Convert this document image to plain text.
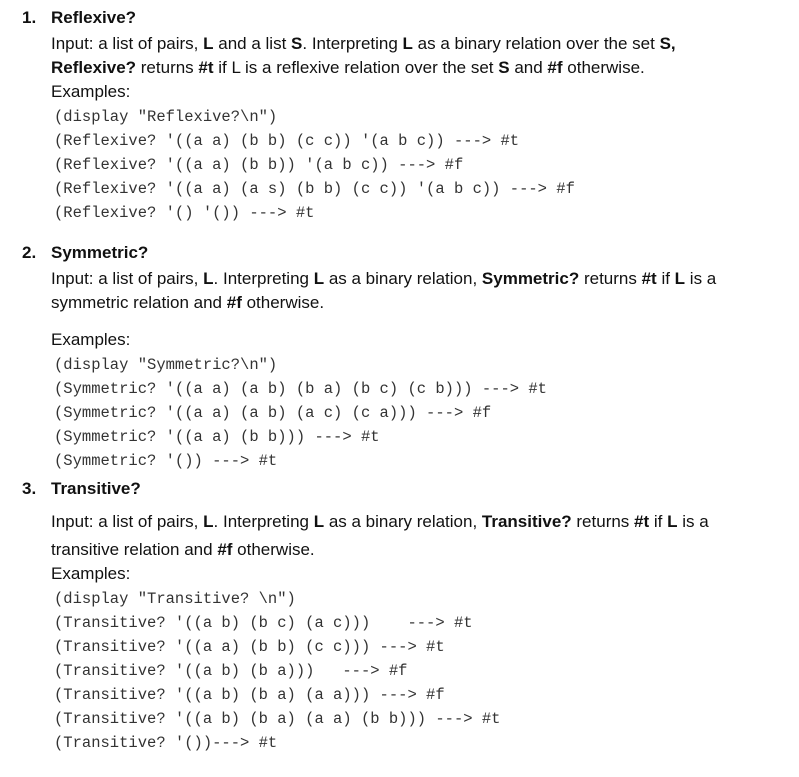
1. Reflexive?
Input: a list of pairs, L and a list S. Interpreting L as a binary relation over the set S, Reflexive? returns #t if L is a reflexive relation over the set S and #f otherwise.
Examples:
(display "Reflexive?\n")
(Reflexive? '((a a) (b b) (c c)) '(a b c)) ---> #t
(Reflexive? '((a a) (b b)) '(a b c)) ---> #f
(Reflexive? '((a a) (a s) (b b) (c c)) '(a b c)) ---> #f
(Reflexive? '() '()) ---> #t
2. Symmetric?
Input: a list of pairs, L. Interpreting L as a binary relation, Symmetric? returns #t if L is a symmetric relation and #f otherwise.
Examples:
(display "Symmetric?\n")
(Symmetric? '((a a) (a b) (b a) (b c) (c b))) ---> #t
(Symmetric? '((a a) (a b) (a c) (c a))) ---> #f
(Symmetric? '((a a) (b b))) ---> #t
(Symmetric? '()) ---> #t
3. Transitive?
Input: a list of pairs, L. Interpreting L as a binary relation, Transitive? returns #t if L is a transitive relation and #f otherwise.
Examples:
(display "Transitive? \n")
(Transitive? '((a b) (b c) (a c)))    ---> #t
(Transitive? '((a a) (b b) (c c))) ---> #t
(Transitive? '((a b) (b a)))   ---> #f
(Transitive? '((a b) (b a) (a a))) ---> #f
(Transitive? '((a b) (b a) (a a) (b b))) ---> #t
(Transitive? '())---> #t
